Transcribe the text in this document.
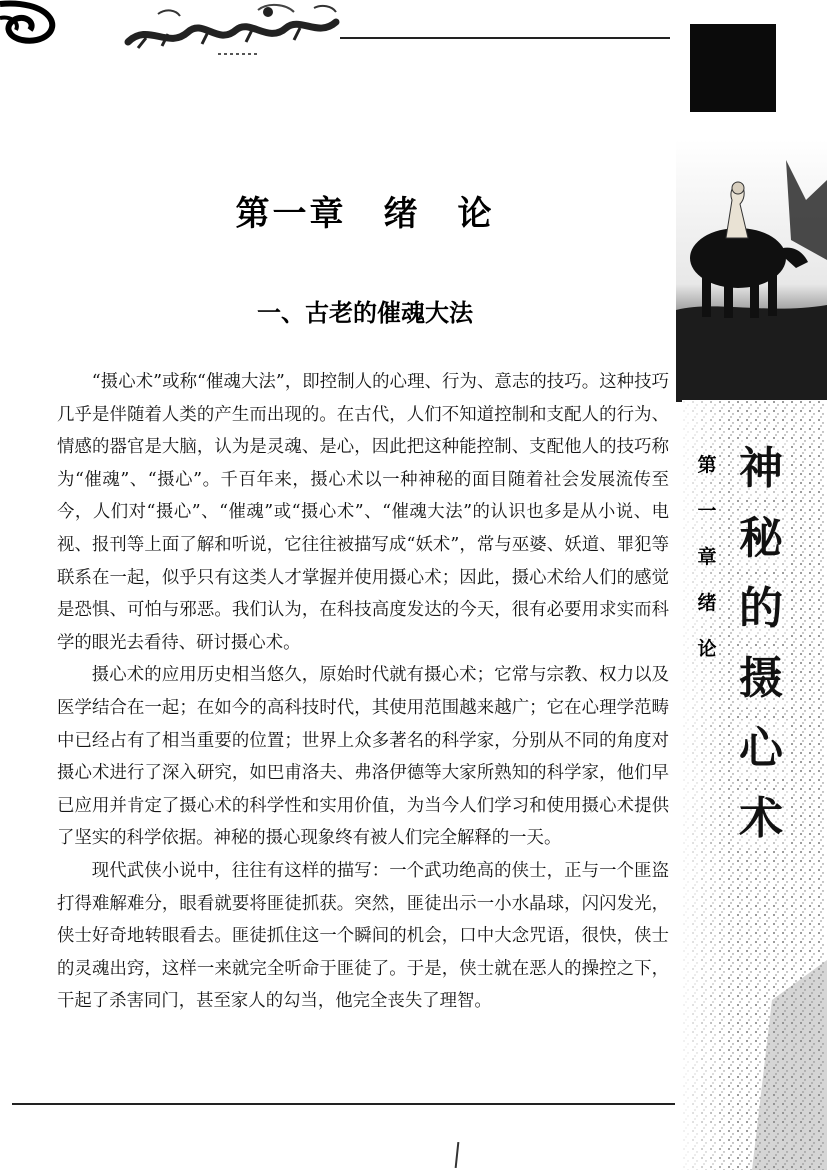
第
一
章
绪
论
神
秘
的
摄
心
术
第一章　绪　论
一、古老的催魂大法

“摄心术”或称“催魂大法”，即控制人的心理、行为、意志的技巧。这种技巧几乎是伴随着人类的产生而出现的。在古代，人们不知道控制和支配人的行为、情感的器官是大脑，认为是灵魂、是心，因此把这种能控制、支配他人的技巧称为“催魂”、“摄心”。千百年来，摄心术以一种神秘的面目随着社会发展流传至今，人们对“摄心”、“催魂”或“摄心术”、“催魂大法”的认识也多是从小说、电视、报刊等上面了解和听说，它往往被描写成“妖术”，常与巫婆、妖道、罪犯等联系在一起，似乎只有这类人才掌握并使用摄心术；因此，摄心术给人们的感觉是恐惧、可怕与邪恶。我们认为，在科技高度发达的今天，很有必要用求实而科学的眼光去看待、研讨摄心术。

摄心术的应用历史相当悠久，原始时代就有摄心术；它常与宗教、权力以及医学结合在一起；在如今的高科技时代，其使用范围越来越广；它在心理学范畴中已经占有了相当重要的位置；世界上众多著名的科学家，分别从不同的角度对摄心术进行了深入研究，如巴甫洛夫、弗洛伊德等大家所熟知的科学家，他们早已应用并肯定了摄心术的科学性和实用价值，为当今人们学习和使用摄心术提供了坚实的科学依据。神秘的摄心现象终有被人们完全解释的一天。

现代武侠小说中，往往有这样的描写：一个武功绝高的侠士，正与一个匪盗打得难解难分，眼看就要将匪徒抓获。突然，匪徒出示一小水晶球，闪闪发光，侠士好奇地转眼看去。匪徒抓住这一个瞬间的机会，口中大念咒语，很快，侠士的灵魂出窍，这样一来就完全听命于匪徒了。于是，侠士就在恶人的操控之下，干起了杀害同门，甚至家人的勾当，他完全丧失了理智。
